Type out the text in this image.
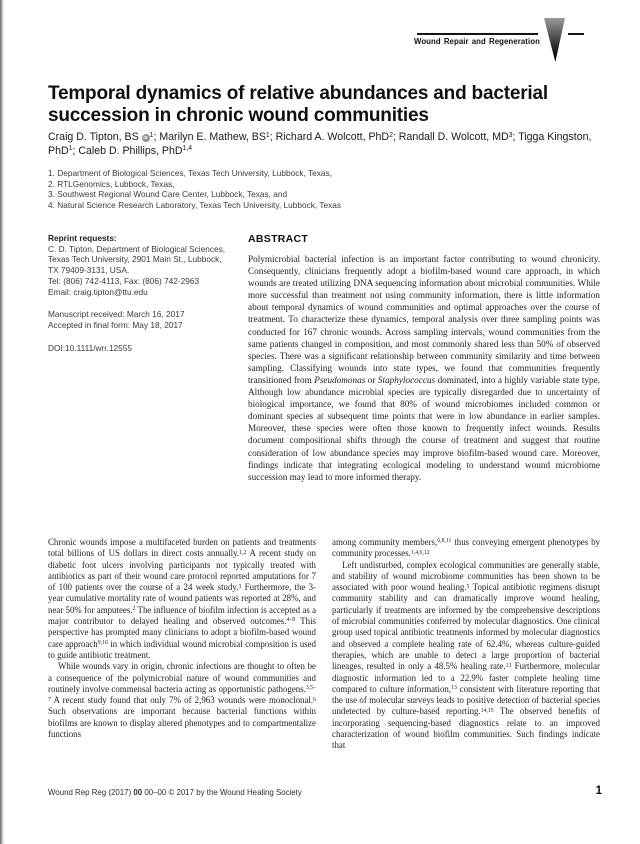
Wound Repair and Regeneration
Temporal dynamics of relative abundances and bacterial succession in chronic wound communities
Craig D. Tipton, BS iD $^1$; Marilyn E. Mathew, $BS^1$; Richard A. Wolcott, PhD$^2$; Randall D. Wolcott, $MD^3$; Tigga Kingston, PhD$^1$; Caleb D. Phillips, PhD$^{1,4}$
1. Department of Biological Sciences, Texas Tech University, Lubbock, Texas,
2. RTLGenomics, Lubbock, Texas,
3. Southwest Regional Wound Care Center, Lubbock, Texas, and
4. Natural Science Research Laboratory, Texas Tech University, Lubbock, Texas

Reprint requests:

C. D. Tipton, Department of Biological Sciences, Texas Tech University, 2901 Main St., Lubbock, TX 79409-3131, USA.

Tel: (806) 742-4113, Fax: (806) 742-2963

Email: craig.tipton@ttu.edu

Manuscript received: March 16, 2017

Accepted in final form: May 18, 2017

DOI:10.1111/wrr.12555

ABSTRACT

Polymicrobial bacterial infection is an important factor contributing to wound chronicity. Consequently, clinicians frequently adopt a biofilm-based wound care approach, in which wounds are treated utilizing DNA sequencing information about microbial communities. While more successful than treatment not using community information, there is little information about temporal dynamics of wound communities and optimal approaches over the course of treatment. To characterize these dynamics, temporal analysis over three sampling points was conducted for 167 chronic wounds. Across sampling intervals, wound communities from the same patients changed in composition, and most commonly shared less than 50% of observed species. There was a significant relationship between community similarity and time between sampling. Classifying wounds into state types, we found that communities frequently transitioned from Pseudomonas or Staphylococcus dominated, into a highly variable state type. Although low abundance microbial species are typically disregarded due to uncertainty of biological importance, we found that 80% of wound microbiomes included common or dominant species at subsequent time points that were in low abundance in earlier samples. Moreover, these species were often those known to frequently infect wounds. Results document compositional shifts through the course of treatment and suggest that routine consideration of low abundance species may improve biofilm-based wound care. Moreover, findings indicate that integrating ecological modeling to understand wound microbiome succession may lead to more informed therapy.

Chronic wounds impose a multifaceted burden on patients and treatments total billions of US dollars in direct costs annually.$^{1,2}$ A recent study on diabetic foot ulcers involving participants not typically treated with antibiotics as part of their wound care protocol reported amputations for 7 of 100 patients over the course of a 24 week study.$^3$ Furthermore, the 3-year cumulative mortality rate of wound patients was reported at 28%, and near 50% for amputees.$^2$ The influence of biofilm infection is accepted as a major contributor to delayed healing and observed outcomes.$^{4-8}$ This perspective has prompted many clinicians to adopt a biofilm-based wound care approach$^{9,10}$ in which individual wound microbial composition is used to guide antibiotic treatment.

While wounds vary in origin, chronic infections are thought to often be a consequence of the polymicrobial nature of wound communities and routinely involve commensal bacteria acting as opportunistic pathogens.$^{3,5-7}$ A recent study found that only 7% of 2,963 wounds were monoclonal.$^6$ Such observations are important because bacterial functions within biofilms are known to display altered phenotypes and to compartmentalize functions

among community members,$^{6,8,11}$ thus conveying emergent phenotypes by community processes.$^{1,4,6,12}$

Left undisturbed, complex ecological communities are generally stable, and stability of wound microbiome communities has been shown to be associated with poor wound healing.$^5$ Topical antibiotic regimens disrupt community stability and can dramatically improve wound healing, particularly if treatments are informed by the comprehensive descriptions of microbial communities conferred by molecular diagnostics. One clinical group used topical antibiotic treatments informed by molecular diagnostics and observed a complete healing rate of 62.4%, whereas culture-guided therapies, which are unable to detect a large proportion of bacterial lineages, resulted in only a 48.5% healing rate.$^{13}$ Furthermore, molecular diagnostic information led to a 22.9% faster complete healing time compared to culture information,$^{13}$ consistent with literature reporting that the use of molecular surveys leads to positive detection of bacterial species undetected by culture-based reporting.$^{14,15}$ The observed benefits of incorporating sequencing-based diagnostics relate to an improved characterization of wound biofilm communities. Such findings indicate that

Wound Rep Reg (2017) 00 00–00 © 2017 by the Wound Healing Society	1
